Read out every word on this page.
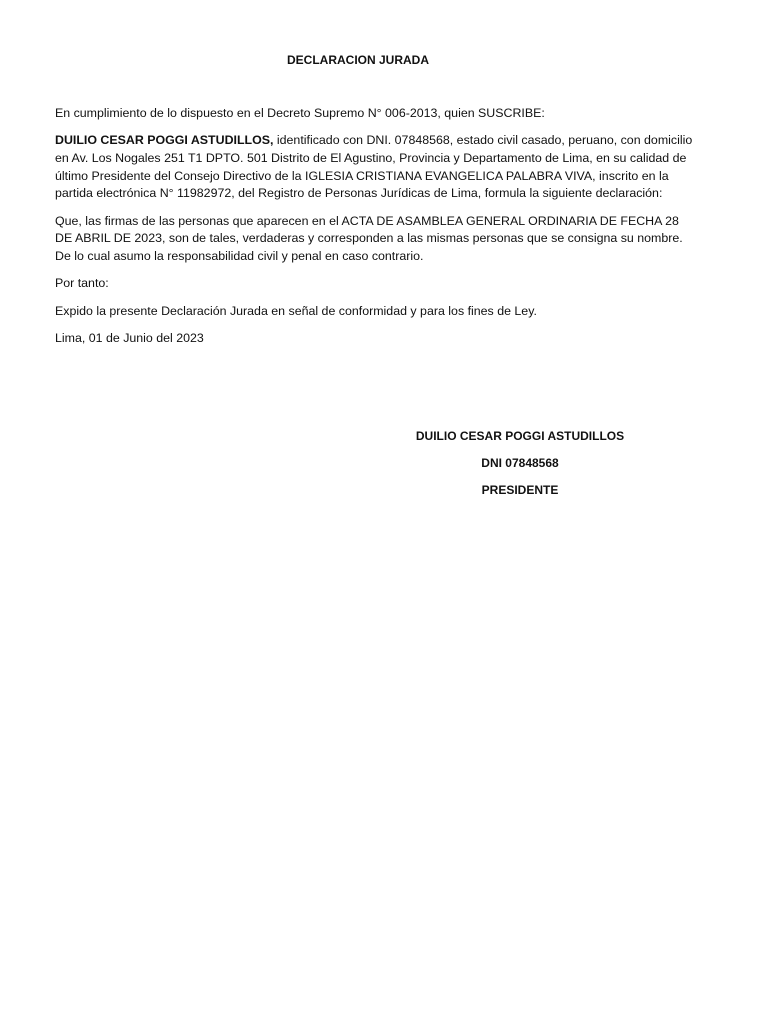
DECLARACION JURADA

En cumplimiento de lo dispuesto en el Decreto Supremo N° 006-2013, quien SUSCRIBE:

DUILIO CESAR POGGI ASTUDILLOS, identificado con DNI. 07848568, estado civil casado, peruano, con domicilio en Av. Los Nogales 251 T1 DPTO. 501 Distrito de El Agustino, Provincia y Departamento de Lima, en su calidad de último Presidente del Consejo Directivo de la IGLESIA CRISTIANA EVANGELICA PALABRA VIVA, inscrito en la partida electrónica N° 11982972, del Registro de Personas Jurídicas de Lima, formula la siguiente declaración:

Que, las firmas de las personas que aparecen en el ACTA DE ASAMBLEA GENERAL ORDINARIA DE FECHA 28 DE ABRIL DE 2023, son de tales, verdaderas y corresponden a las mismas personas que se consigna su nombre. De lo cual asumo la responsabilidad civil y penal en caso contrario.

Por tanto:

Expido la presente Declaración Jurada en señal de conformidad y para los fines de Ley.

Lima, 01 de Junio del 2023

DUILIO CESAR POGGI ASTUDILLOS
DNI 07848568
PRESIDENTE
